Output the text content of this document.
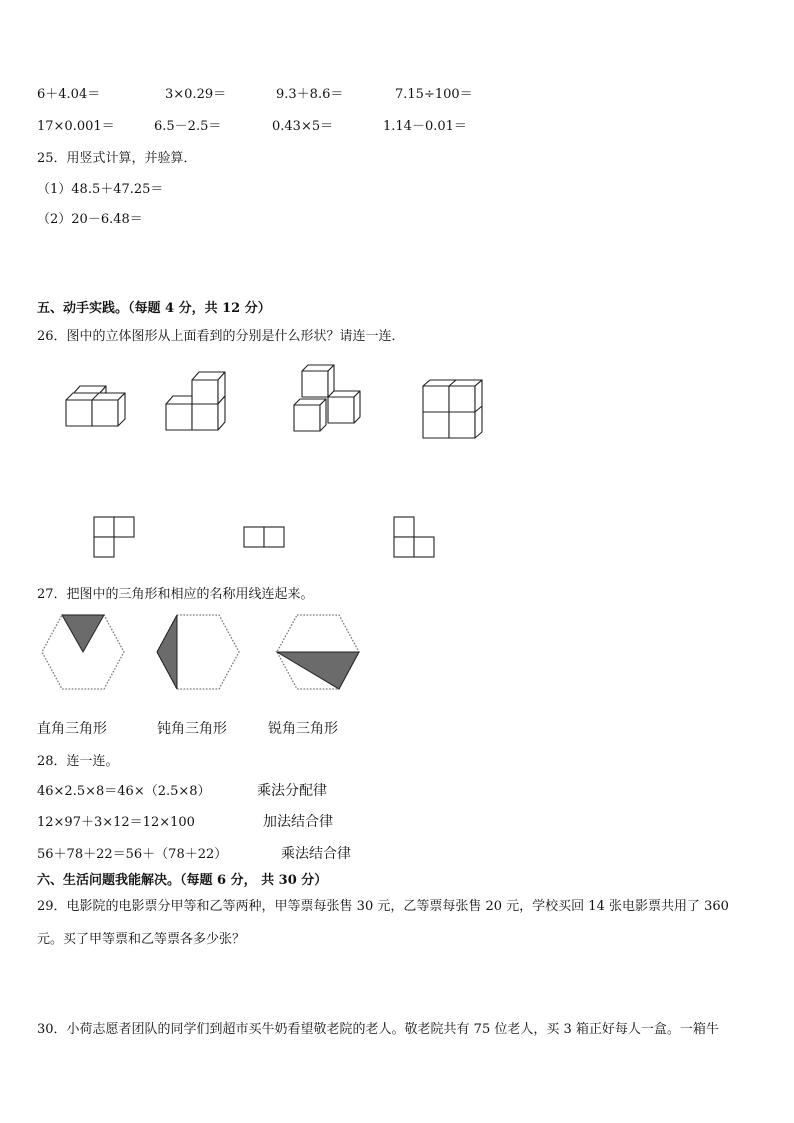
6＋4.04＝	3×0.29＝	9.3＋8.6＝	7.15÷100＝
17×0.001＝	6.5－2.5＝	0.43×5＝	1.14－0.01＝
25．用竖式计算，并验算．
（1）48.5＋47.25＝
（2）20－6.48＝
五、动手实践。（每题 4 分，共 12 分）
26．图中的立体图形从上面看到的分别是什么形状？请连一连．
27．把图中的三角形和相应的名称用线连起来。
直角三角形	钝角三角形	锐角三角形
28．连一连。
46×2.5×8＝46×（2.5×8）
12×97＋3×12＝12×100
56＋78＋22＝56＋（78＋22）
乘法分配律
加法结合律
乘法结合律
六、生活问题我能解决。（每题 6 分， 共 30 分）
29．电影院的电影票分甲等和乙等两种，甲等票每张售 30 元，乙等票每张售 20 元，学校买回 14 张电影票共用了 360
元。买了甲等票和乙等票各多少张？
30．小荷志愿者团队的同学们到超市买牛奶看望敬老院的老人。敬老院共有 75 位老人，买 3 箱正好每人一盒。一箱牛
